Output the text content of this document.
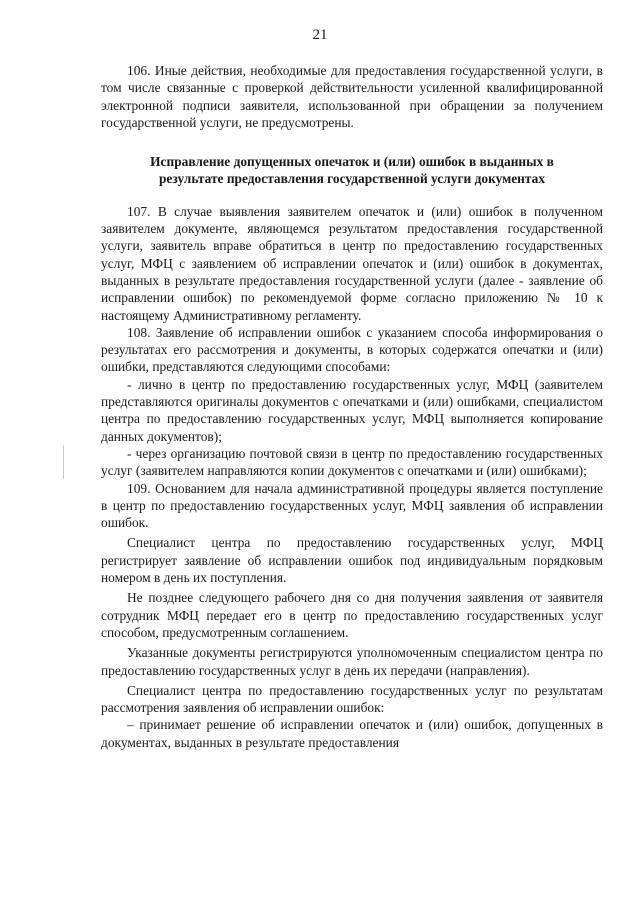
21

106. Иные действия, необходимые для предоставления государственной услуги, в том числе связанные с проверкой действительности усиленной квалифицированной электронной подписи заявителя, использованной при обращении за получением государственной услуги, не предусмотрены.

Исправление допущенных опечаток и (или) ошибок в выданных в результате предоставления государственной услуги документах

107. В случае выявления заявителем опечаток и (или) ошибок в полученном заявителем документе, являющемся результатом предоставления государственной услуги, заявитель вправе обратиться в центр по предоставлению государственных услуг, МФЦ с заявлением об исправлении опечаток и (или) ошибок в документах, выданных в результате предоставления государственной услуги (далее - заявление об исправлении ошибок) по рекомендуемой форме согласно приложению № 10 к настоящему Административному регламенту.

108. Заявление об исправлении ошибок с указанием способа информирования о результатах его рассмотрения и документы, в которых содержатся опечатки и (или) ошибки, представляются следующими способами:

- лично в центр по предоставлению государственных услуг, МФЦ (заявителем представляются оригиналы документов с опечатками и (или) ошибками, специалистом центра по предоставлению государственных услуг, МФЦ выполняется копирование данных документов);
- через организацию почтовой связи в центр по предоставлению государственных услуг (заявителем направляются копии документов с опечатками и (или) ошибками);

109. Основанием для начала административной процедуры является поступление в центр по предоставлению государственных услуг, МФЦ заявления об исправлении ошибок.

Специалист центра по предоставлению государственных услуг, МФЦ регистрирует заявление об исправлении ошибок под индивидуальным порядковым номером в день их поступления.

Не позднее следующего рабочего дня со дня получения заявления от заявителя сотрудник МФЦ передает его в центр по предоставлению государственных услуг способом, предусмотренным соглашением.

Указанные документы регистрируются уполномоченным специалистом центра по предоставлению государственных услуг в день их передачи (направления).

Специалист центра по предоставлению государственных услуг по результатам рассмотрения заявления об исправлении ошибок:

– принимает решение об исправлении опечаток и (или) ошибок, допущенных в документах, выданных в результате предоставления
